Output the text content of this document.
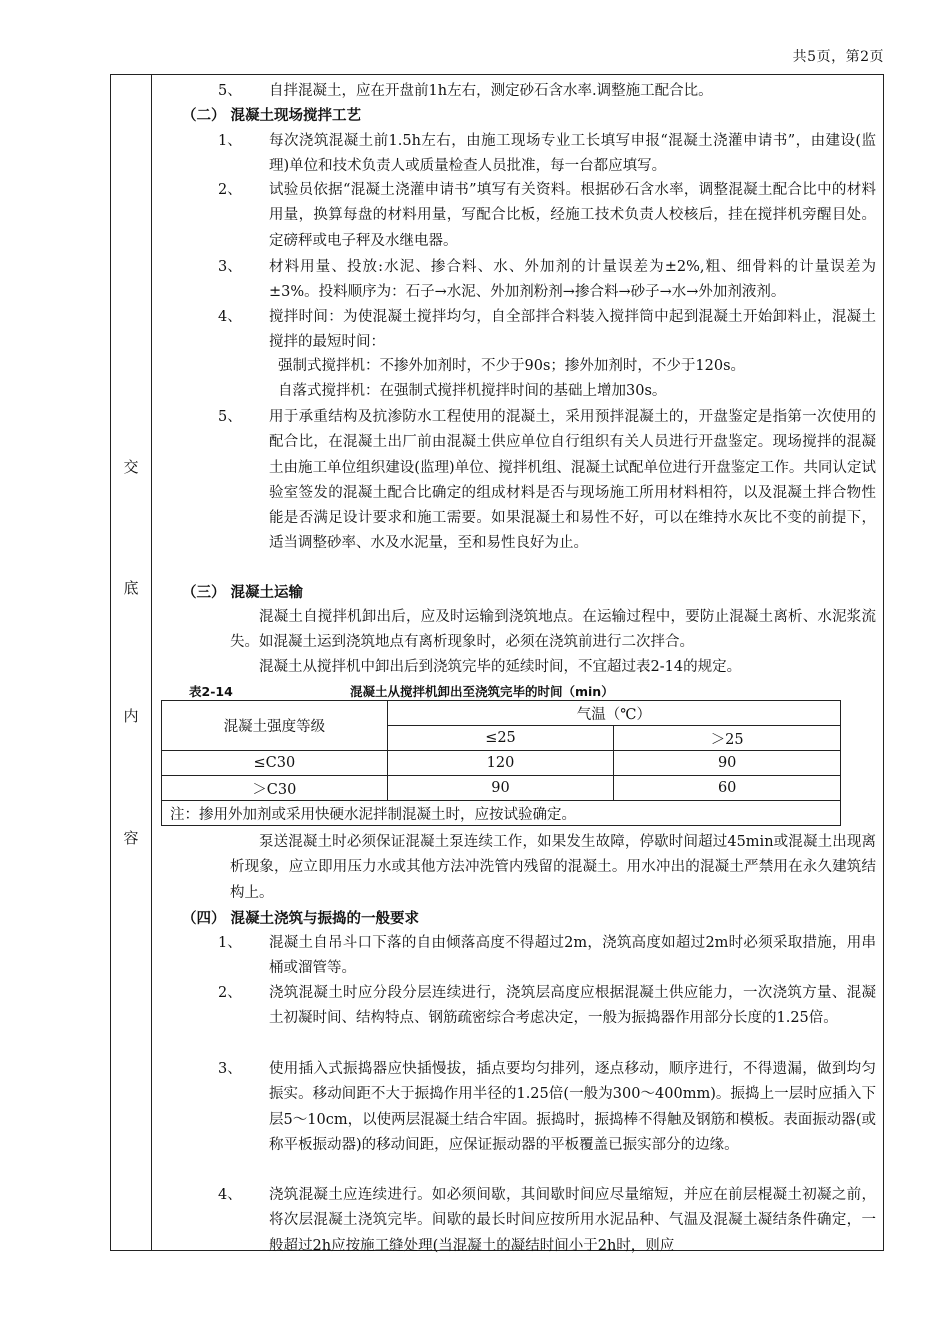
共5页，第2页
交
底
内
容
5、 自拌混凝土，应在开盘前1h左右，测定砂石含水率.调整施工配合比。
（二） 混凝土现场搅拌工艺
1、 每次浇筑混凝土前1.5h左右，由施工现场专业工长填写申报“混凝土浇灌申请书”，由建设(监理)单位和技术负责人或质量检查人员批准，每一台都应填写。
2、 试验员依据“混凝土浇灌申请书”填写有关资料。根据砂石含水率，调整混凝土配合比中的材料用量，换算每盘的材料用量，写配合比板，经施工技术负责人校核后，挂在搅拌机旁醒目处。定磅秤或电子秤及水继电器。
3、 材料用量、投放:水泥、掺合料、水、外加剂的计量误差为±2%,粗、细骨料的计量误差为±3%。投料顺序为：石子→水泥、外加剂粉剂→掺合料→砂子→水→外加剂液剂。
4、 搅拌时间：为使混凝土搅拌均匀，自全部拌合料装入搅拌筒中起到混凝土开始卸料止，混凝土搅拌的最短时间：
强制式搅拌机：不掺外加剂时，不少于90s；掺外加剂时，不少于120s。
自落式搅拌机：在强制式搅拌机搅拌时间的基础上增加30s。
5、 用于承重结构及抗渗防水工程使用的混凝土，采用预拌混凝土的，开盘鉴定是指第一次使用的配合比，在混凝土出厂前由混凝土供应单位自行组织有关人员进行开盘鉴定。现场搅拌的混凝土由施工单位组织建设(监理)单位、搅拌机组、混凝土试配单位进行开盘鉴定工作。共同认定试验室签发的混凝土配合比确定的组成材料是否与现场施工所用材料相符，以及混凝土拌合物性能是否满足设计要求和施工需要。如果混凝土和易性不好，可以在维持水灰比不变的前提下，适当调整砂率、水及水泥量，至和易性良好为止。
（三） 混凝土运输
混凝土自搅拌机卸出后，应及时运输到浇筑地点。在运输过程中，要防止混凝土离析、水泥浆流失。如混凝土运到浇筑地点有离析现象时，必须在浇筑前进行二次拌合。
混凝土从搅拌机中卸出后到浇筑完毕的延续时间，不宜超过表2-14的规定。
表2-14	混凝土从搅拌机卸出至浇筑完毕的时间（min）
混凝土强度等级	气温（℃）	
	≤25	＞25
≤C30	120	90
＞C30	90	60
注：掺用外加剂或采用快硬水泥拌制混凝土时，应按试验确定。		
泵送混凝土时必须保证混凝土泵连续工作，如果发生故障，停歇时间超过45min或混凝土出现离析现象，应立即用压力水或其他方法冲洗管内残留的混凝土。用水冲出的混凝土严禁用在永久建筑结构上。
（四） 混凝土浇筑与振捣的一般要求
1、 混凝土自吊斗口下落的自由倾落高度不得超过2m，浇筑高度如超过2m时必须采取措施，用串桶或溜管等。
2、 浇筑混凝土时应分段分层连续进行，浇筑层高度应根据混凝土供应能力，一次浇筑方量、混凝土初凝时间、结构特点、钢筋疏密综合考虑决定，一般为振捣器作用部分长度的1.25倍。
3、 使用插入式振捣器应快插慢拔，插点要均匀排列，逐点移动，顺序进行，不得遗漏，做到均匀振实。移动间距不大于振捣作用半径的1.25倍(一般为300～400mm)。振捣上一层时应插入下层5～10cm，以使两层混凝土结合牢固。振捣时，振捣棒不得触及钢筋和模板。表面振动器(或称平板振动器)的移动间距，应保证振动器的平板覆盖已振实部分的边缘。
4、 浇筑混凝土应连续进行。如必须间歇，其间歇时间应尽量缩短，并应在前层棍凝土初凝之前，将次层混凝土浇筑完毕。间歇的最长时间应按所用水泥品种、气温及混凝土凝结条件确定，一般超过2h应按施工缝处理(当混凝土的凝结时间小于2h时，则应
